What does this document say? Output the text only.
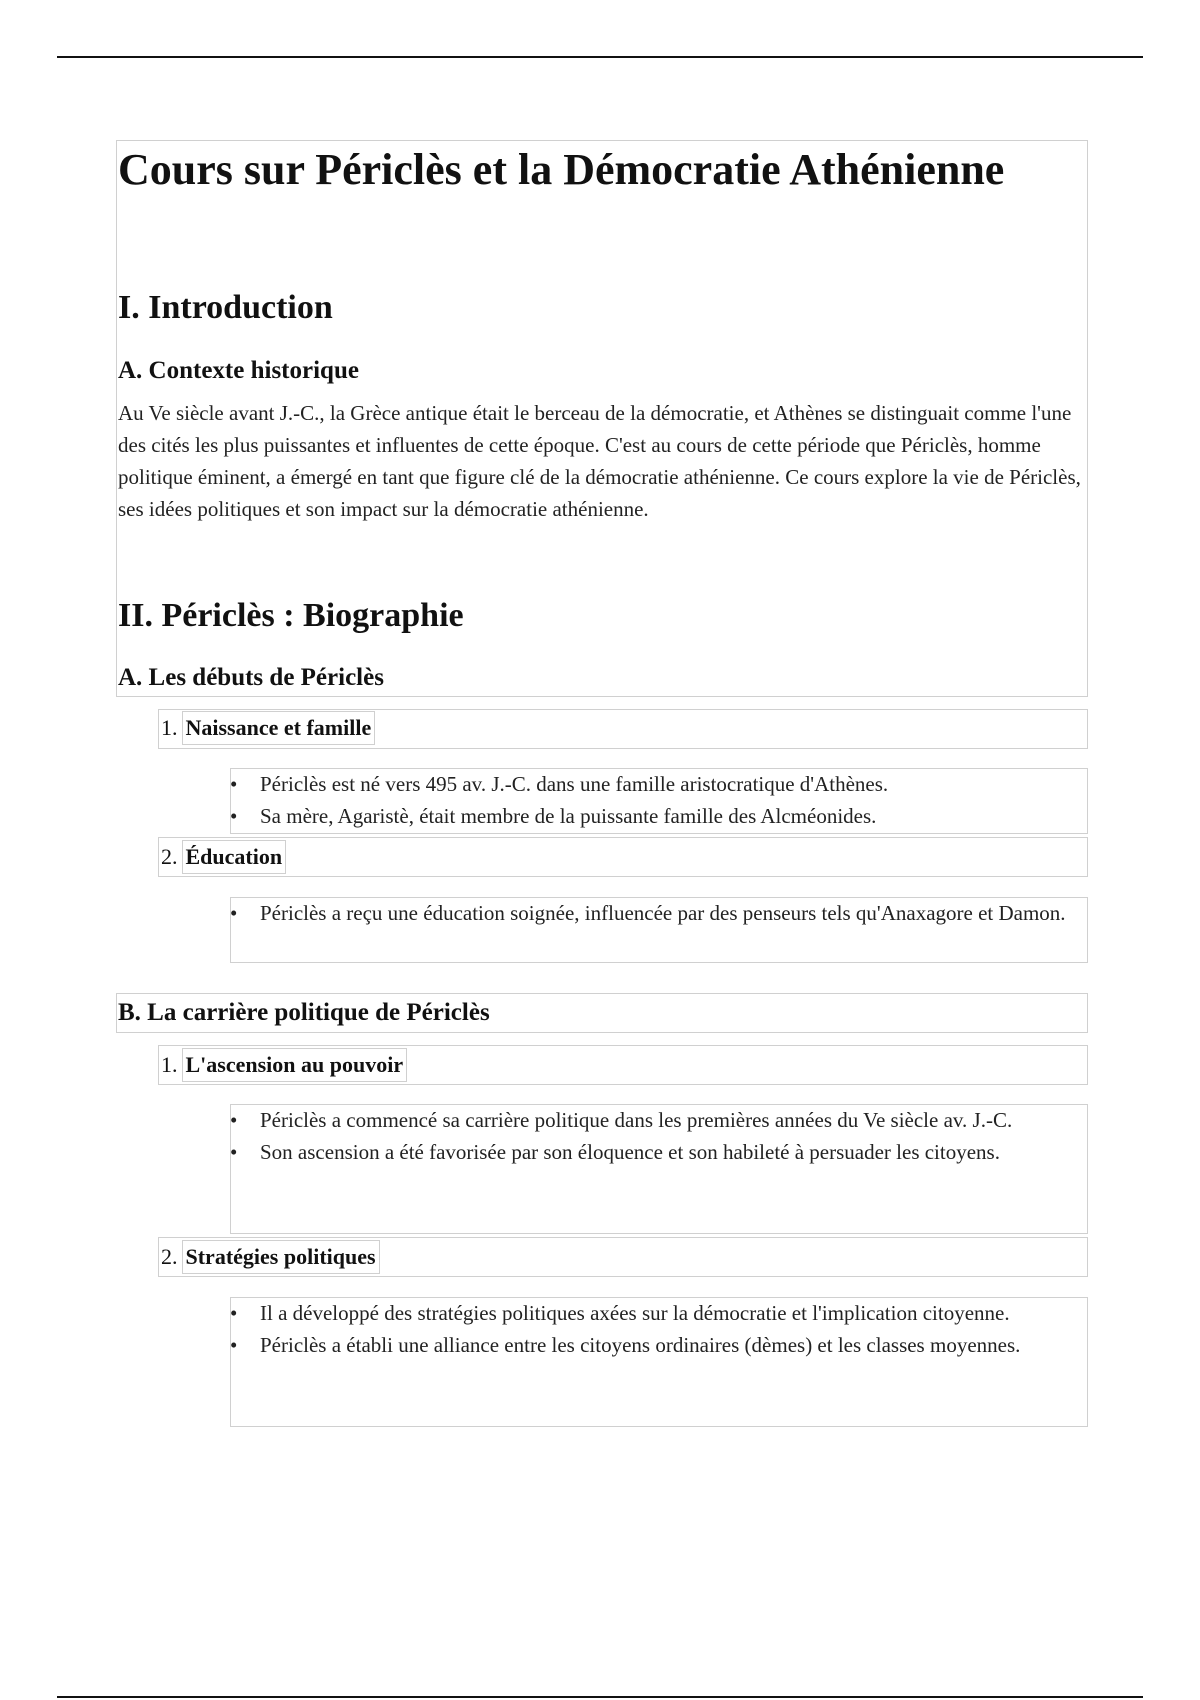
Cours sur Périclès et la Démocratie Athénienne
I. Introduction
A. Contexte historique

Au Ve siècle avant J.-C., la Grèce antique était le berceau de la démocratie, et Athènes se distinguait comme l'une des cités les plus puissantes et influentes de cette époque. C'est au cours de cette période que Périclès, homme politique éminent, a émergé en tant que figure clé de la démocratie athénienne. Ce cours explore la vie de Périclès, ses idées politiques et son impact sur la démocratie athénienne.

II. Périclès : Biographie
A. Les débuts de Périclès
1. Naissance et famille
• Périclès est né vers 495 av. J.-C. dans une famille aristocratique d'Athènes.
• Sa mère, Agaristè, était membre de la puissante famille des Alcméonides.
2. Éducation
• Périclès a reçu une éducation soignée, influencée par des penseurs tels qu'Anaxagore et Damon.
B. La carrière politique de Périclès
1. L'ascension au pouvoir
• Périclès a commencé sa carrière politique dans les premières années du Ve siècle av. J.-C.
• Son ascension a été favorisée par son éloquence et son habileté à persuader les citoyens.
2. Stratégies politiques
• Il a développé des stratégies politiques axées sur la démocratie et l'implication citoyenne.
• Périclès a établi une alliance entre les citoyens ordinaires (dèmes) et les classes moyennes.
